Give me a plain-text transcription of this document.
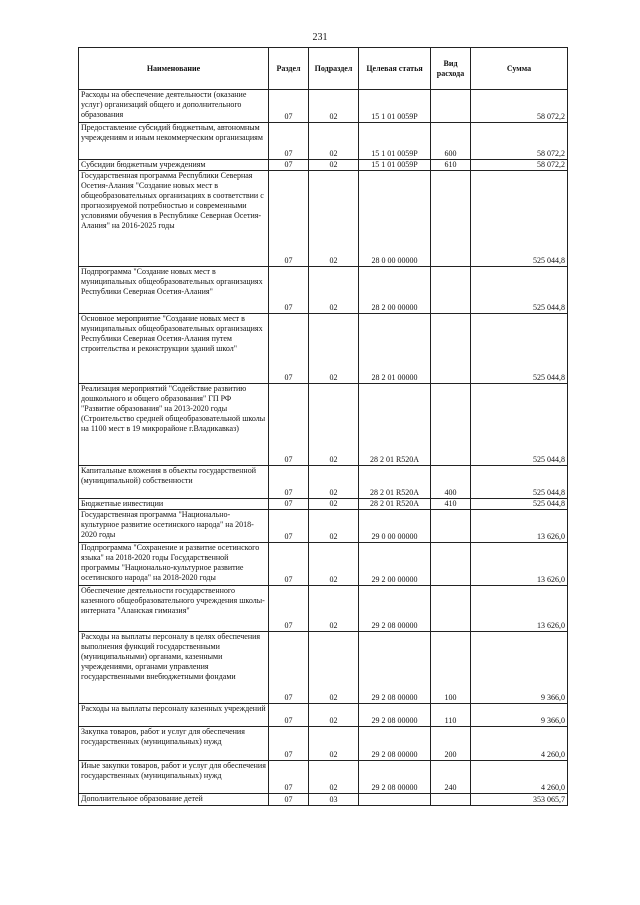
231
Наименование	Раздел	Подраздел	Целевая статья	Вид расхода	Сумма
Расходы на обеспечение деятельности (оказание услуг) организаций общего и дополнительного образования	07	02	15 1 01 0059Р		58 072,2
Предоставление субсидий бюджетным, автономным учреждениям и иным некоммерческим организациям	07	02	15 1 01 0059Р	600	58 072,2
Субсидии бюджетным учреждениям	07	02	15 1 01 0059Р	610	58 072,2
Государственная программа Республики Северная Осетия-Алания "Создание новых мест в общеобразовательных организациях в соответствии с прогнозируемой потребностью и современными условиями обучения в Республике Северная Осетия-Алания" на 2016-2025 годы	07	02	28 0 00 00000		525 044,8
Подпрограмма "Создание новых мест в муниципальных общеобразовательных организациях Республики Северная Осетия-Алания"	07	02	28 2 00 00000		525 044,8
Основное мероприятие "Создание новых мест в муниципальных общеобразовательных организациях Республики Северная Осетия-Алания путем строительства и реконструкции зданий школ"	07	02	28 2 01 00000		525 044,8
Реализация мероприятий "Содействие развитию дошкольного и общего образования" ГП РФ "Развитие образования" на 2013-2020 годы (Строительство средней общеобразовательной школы на 1100 мест в 19 микрорайоне г.Владикавказ)	07	02	28 2 01 R520А		525 044,8
Капитальные вложения в объекты государственной (муниципальной) собственности	07	02	28 2 01 R520А	400	525 044,8
Бюджетные инвестиции	07	02	28 2 01 R520А	410	525 044,8
Государственная программа "Национально-культурное развитие осетинского народа" на 2018-2020 годы	07	02	29 0 00 00000		13 626,0
Подпрограмма "Сохранение и развитие осетинского языка" на 2018-2020 годы Государственной программы "Национально-культурное развитие осетинского народа" на 2018-2020 годы	07	02	29 2 00 00000		13 626,0
Обеспечение деятельности государственного казенного общеобразовательного учреждения школы-интерната "Аланская гимназия"	07	02	29 2 08 00000		13 626,0
Расходы на выплаты персоналу в целях обеспечения выполнения функций государственными (муниципальными) органами, казенными учреждениями, органами управления государственными внебюджетными фондами	07	02	29 2 08 00000	100	9 366,0
Расходы на выплаты персоналу казенных учреждений	07	02	29 2 08 00000	110	9 366,0
Закупка товаров, работ и услуг для обеспечения государственных (муниципальных) нужд	07	02	29 2 08 00000	200	4 260,0
Иные закупки товаров, работ и услуг для обеспечения государственных (муниципальных) нужд	07	02	29 2 08 00000	240	4 260,0
Дополнительное образование детей	07	03			353 065,7
